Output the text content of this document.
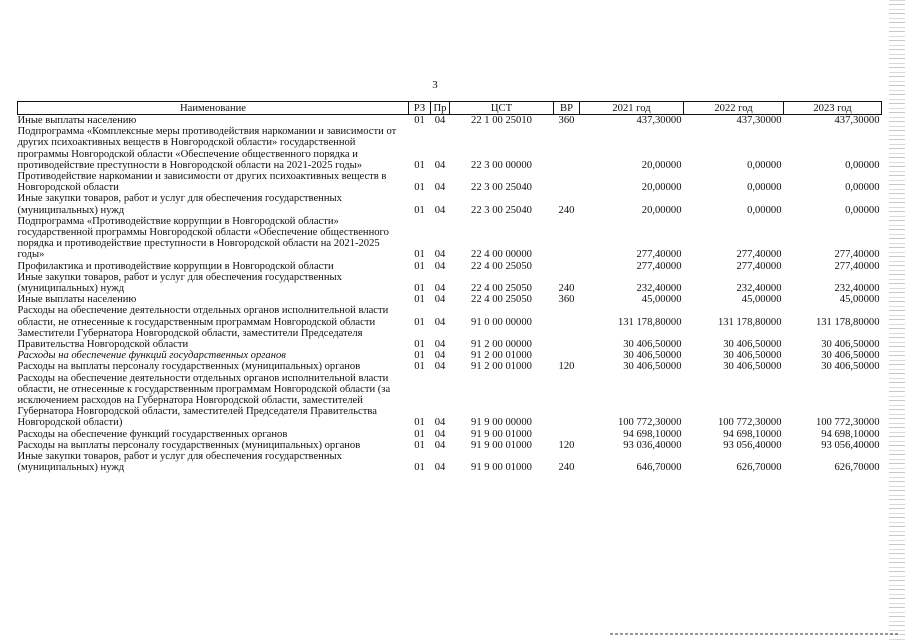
3
Наименование	РЗ	Пр	ЦСТ	ВР	2021 год	2022 год	2023 год
Иные выплаты населению	01	04	22 1 00 25010	360	437,30000	437,30000	437,30000
Подпрограмма «Комплексные меры противодействия наркомании и зависимости от других психоактивных веществ в Новгородской области» государственной программы Новгородской области «Обеспечение общественного порядка и противодействие преступности в Новгородской области на 2021-2025 годы»	01	04	22 3 00 00000		20,00000	0,00000	0,00000
Противодействие наркомании и зависимости от других психоактивных веществ в Новгородской области	01	04	22 3 00 25040		20,00000	0,00000	0,00000
Иные закупки товаров, работ и услуг для обеспечения государственных (муниципальных) нужд	01	04	22 3 00 25040	240	20,00000	0,00000	0,00000
Подпрограмма «Противодействие коррупции в Новгородской области» государственной программы Новгородской области «Обеспечение общественного порядка и противодействие преступности в Новгородской области на 2021-2025 годы»	01	04	22 4 00 00000		277,40000	277,40000	277,40000
Профилактика и противодействие коррупции в Новгородской области	01	04	22 4 00 25050		277,40000	277,40000	277,40000
Иные закупки товаров, работ и услуг для обеспечения государственных (муниципальных) нужд	01	04	22 4 00 25050	240	232,40000	232,40000	232,40000
Иные выплаты населению	01	04	22 4 00 25050	360	45,00000	45,00000	45,00000
Расходы на обеспечение деятельности отдельных органов исполнительной власти области, не отнесенные к государственным программам Новгородской области	01	04	91 0 00 00000		131 178,80000	131 178,80000	131 178,80000
Заместители Губернатора Новгородской области, заместители Председателя Правительства Новгородской области	01	04	91 2 00 00000		30 406,50000	30 406,50000	30 406,50000
Расходы на обеспечение функций государственных органов	01	04	91 2 00 01000		30 406,50000	30 406,50000	30 406,50000
Расходы на выплаты персоналу государственных (муниципальных) органов	01	04	91 2 00 01000	120	30 406,50000	30 406,50000	30 406,50000
Расходы на обеспечение деятельности отдельных органов исполнительной власти области, не отнесенные к государственным программам Новгородской области (за исключением расходов на Губернатора Новгородской области, заместителей Губернатора Новгородской области, заместителей Председателя Правительства Новгородской области)	01	04	91 9 00 00000		100 772,30000	100 772,30000	100 772,30000
Расходы на обеспечение функций государственных органов	01	04	91 9 00 01000		94 698,10000	94 698,10000	94 698,10000
Расходы на выплаты персоналу государственных (муниципальных) органов	01	04	91 9 00 01000	120	93 036,40000	93 056,40000	93 056,40000
Иные закупки товаров, работ и услуг для обеспечения государственных (муниципальных) нужд	01	04	91 9 00 01000	240	646,70000	626,70000	626,70000
